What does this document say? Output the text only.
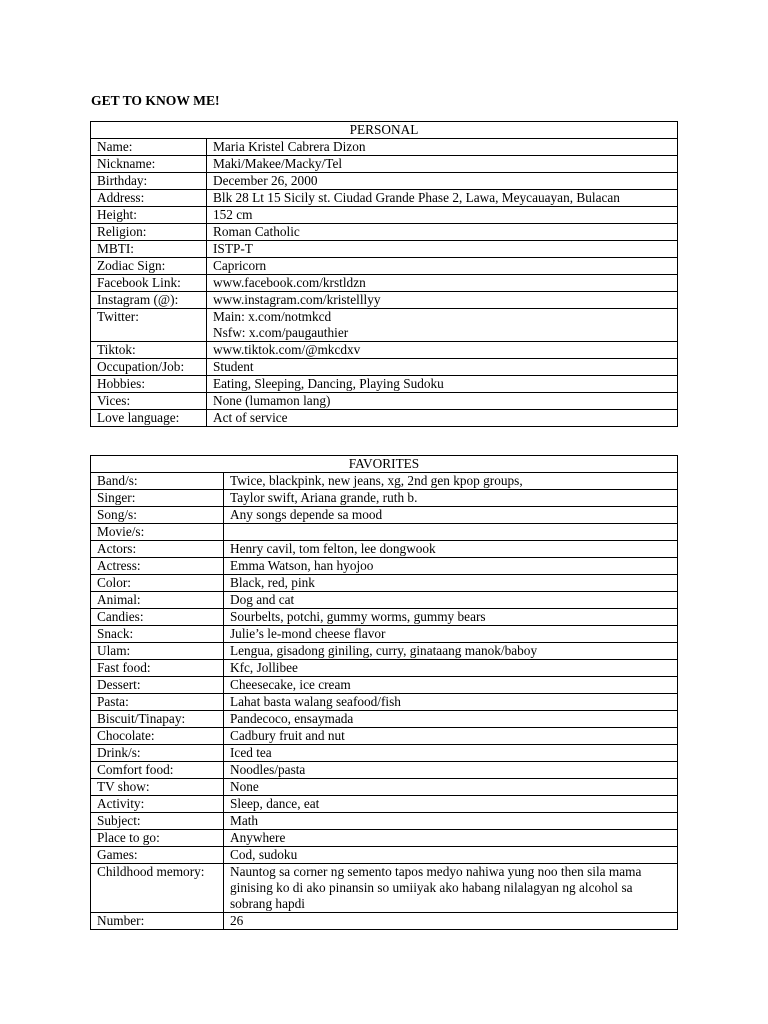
GET TO KNOW ME!
PERSONAL	
Name:	Maria Kristel Cabrera Dizon

Nickname:	Maki/Makee/Macky/Tel

Birthday:	December 26, 2000

Address:	Blk 28 Lt 15 Sicily st. Ciudad Grande Phase 2, Lawa, Meycauayan, Bulacan

Height:	152 cm

Religion:	Roman Catholic

MBTI:	ISTP-T

Zodiac Sign:	Capricorn

Facebook Link:	www.facebook.com/krstldzn

Instagram (@):	www.instagram.com/kristelllyy

Twitter:	Main: x.com/notmkcd
Nsfw: x.com/paugauthier

Tiktok:	www.tiktok.com/@mkcdxv

Occupation/Job:	Student

Hobbies:	Eating, Sleeping, Dancing, Playing Sudoku

Vices:	None (lumamon lang)

Love language:	Act of service
FAVORITES	
Band/s:	Twice, blackpink, new jeans, xg, 2nd gen kpop groups,

Singer:	Taylor swift, Ariana grande, ruth b.

Song/s:	Any songs depende sa mood

Movie/s:	

Actors:	Henry cavil, tom felton, lee dongwook

Actress:	Emma Watson, han hyojoo

Color:	Black, red, pink

Animal:	Dog and cat

Candies:	Sourbelts, potchi, gummy worms, gummy bears

Snack:	Julie’s le-mond cheese flavor

Ulam:	Lengua, gisadong giniling, curry, ginataang manok/baboy

Fast food:	Kfc, Jollibee

Dessert:	Cheesecake, ice cream

Pasta:	Lahat basta walang seafood/fish

Biscuit/Tinapay:	Pandecoco, ensaymada

Chocolate:	Cadbury fruit and nut

Drink/s:	Iced tea

Comfort food:	Noodles/pasta

TV show:	None

Activity:	Sleep, dance, eat

Subject:	Math

Place to go:	Anywhere

Games:	Cod, sudoku

Childhood memory:	Nauntog sa corner ng semento tapos medyo nahiwa yung noo then sila mama
ginising ko di ako pinansin so umiiyak ako habang nilalagyan ng alcohol sa
sobrang hapdi

Number:	26
